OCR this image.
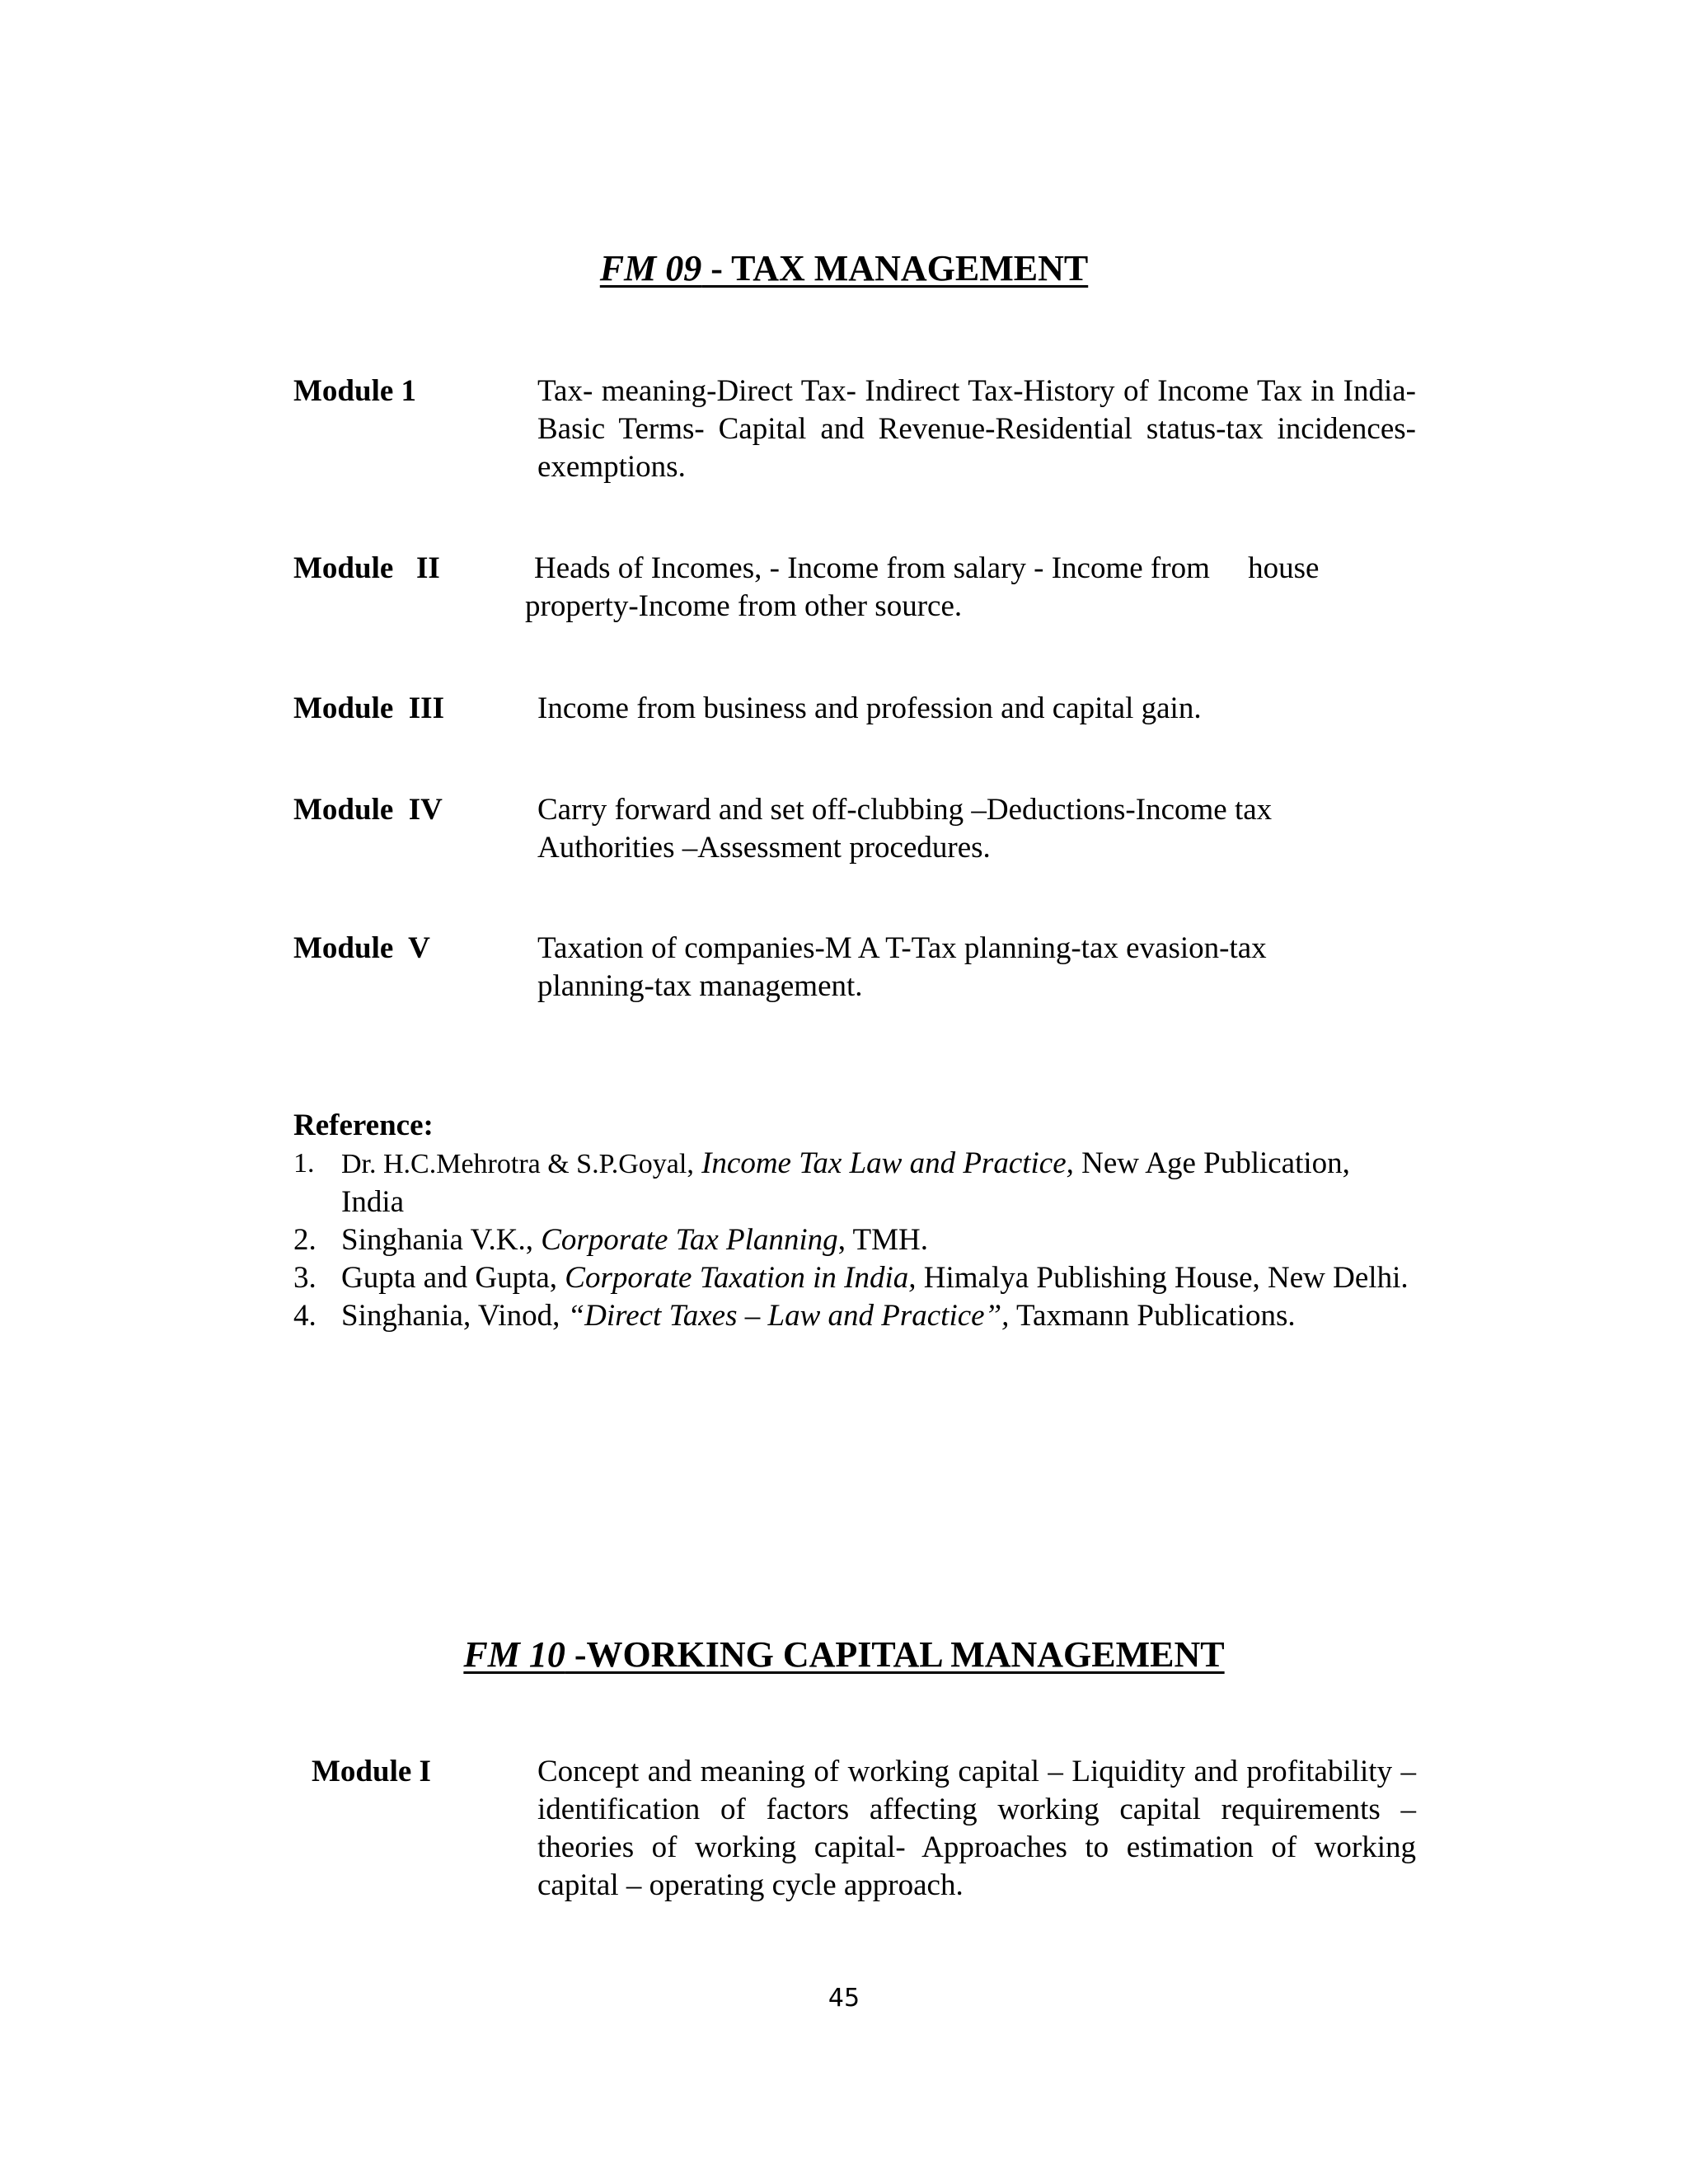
FM 09 - TAX MANAGEMENT
Module 1	Tax- meaning-Direct Tax- Indirect Tax-History of Income Tax in India-Basic Terms- Capital and Revenue-Residential status-tax incidences-exemptions.
Module   II	Heads of Incomes, - Income from salary - Income from     house
property-Income from other source.
Module  III	Income from business and profession and capital gain.
Module  IV	Carry forward and set off-clubbing –Deductions-Income tax
Authorities –Assessment procedures.
Module  V	Taxation of companies-M A T-Tax planning-tax evasion-tax
planning-tax management.
Reference:
1. Dr. H.C.Mehrotra & S.P.Goyal, Income Tax Law and Practice, New Age Publication, India
2. Singhania V.K., Corporate Tax Planning, TMH.
3. Gupta and Gupta, Corporate Taxation in India, Himalya Publishing House, New Delhi.
4. Singhania, Vinod, “Direct Taxes – Law and Practice”, Taxmann Publications.
FM 10 -WORKING CAPITAL MANAGEMENT
Module I	Concept and meaning of working capital – Liquidity and profitability – identification of factors affecting working capital requirements – theories of working capital- Approaches to estimation of working capital – operating cycle approach.
45
